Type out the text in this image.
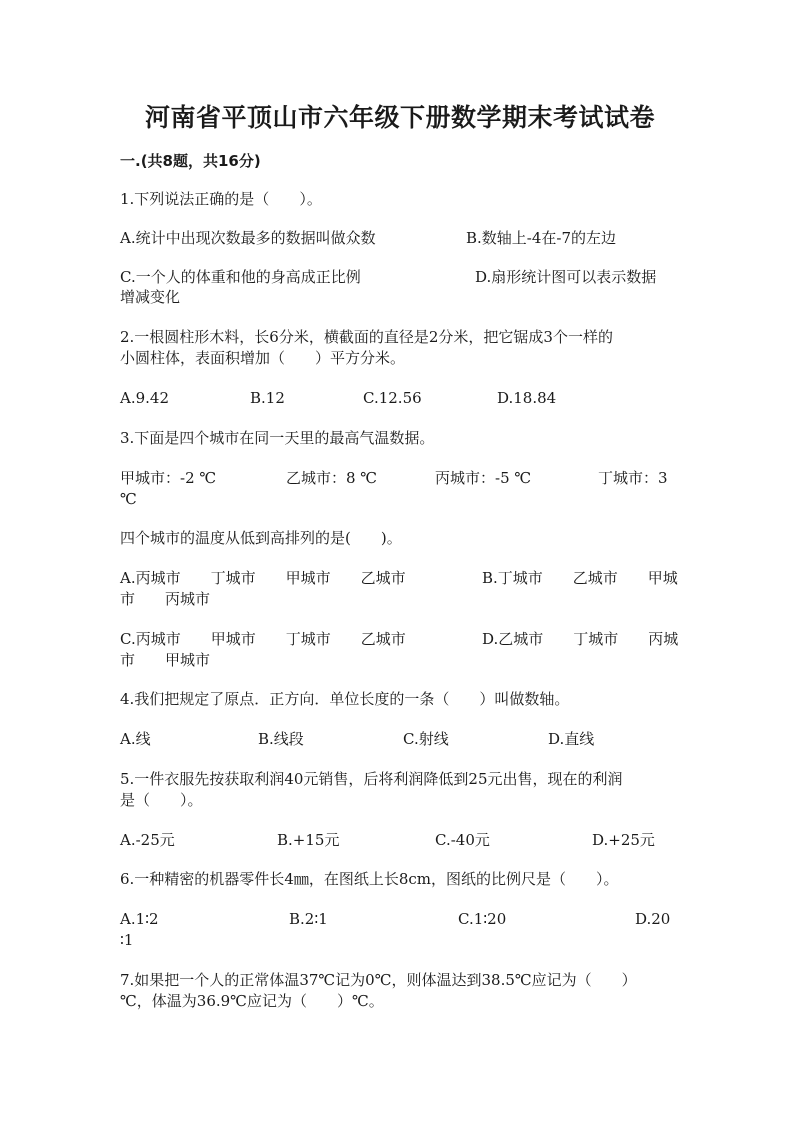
河南省平顶山市六年级下册数学期末考试试卷
一.(共8题，共16分)
1.下列说法正确的是（　　）。
A.统计中出现次数最多的数据叫做众数	B.数轴上-4在-7的左边
C.一个人的体重和他的身高成正比例	D.扇形统计图可以表示数据
增减变化
2.一根圆柱形木料，长6分米，横截面的直径是2分米，把它锯成3个一样的
小圆柱体，表面积增加（　　）平方分米。
A.9.42	B.12	C.12.56	D.18.84
3.下面是四个城市在同一天里的最高气温数据。
甲城市：-2 ℃	乙城市：8 ℃	丙城市：-5 ℃	丁城市：3
℃
四个城市的温度从低到高排列的是(　　)。
A.丙城市　　丁城市　　甲城市　　乙城市	B.丁城市　　乙城市　　甲城
市　　丙城市
C.丙城市　　甲城市　　丁城市　　乙城市	D.乙城市　　丁城市　　丙城
市　　甲城市
4.我们把规定了原点．正方向．单位长度的一条（　　）叫做数轴。
A.线	B.线段	C.射线	D.直线
5.一件衣服先按获取利润40元销售，后将利润降低到25元出售，现在的利润
是（　　）。
A.-25元	B.+15元	C.-40元	D.+25元
6.一种精密的机器零件长4㎜，在图纸上长8cm，图纸的比例尺是（　　）。
A.1∶2	B.2∶1	C.1∶20	D.20
∶1
7.如果把一个人的正常体温37℃记为0℃，则体温达到38.5℃应记为（　　）
℃，体温为36.9℃应记为（　　）℃。
